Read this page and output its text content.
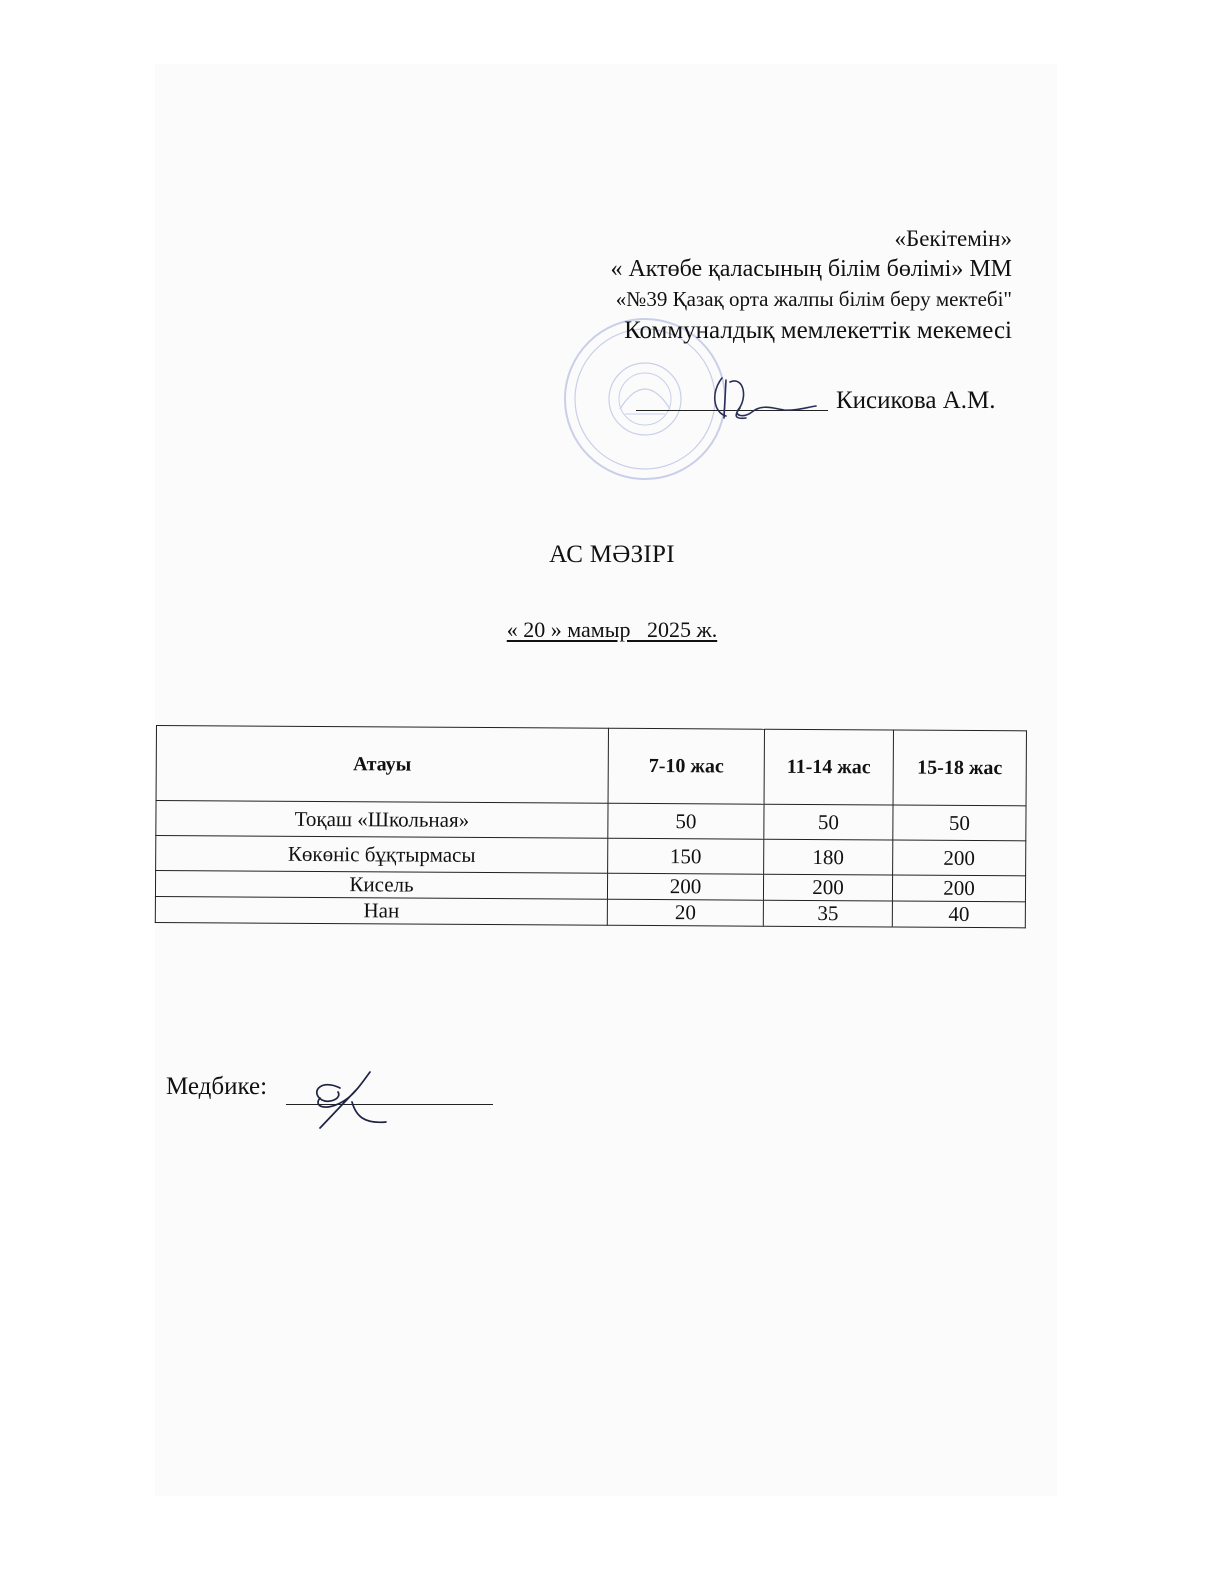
«Бекітемін»
« Актөбе қаласының білім бөлімі» ММ
«№39 Қазақ орта жалпы білім беру мектебі"
Коммуналдық мемлекеттік мекемесі
Кисикова А.М.
АС МӘЗІРІ
« 20 » мамыр   2025 ж.
Атауы	7-10 жас	11-14 жас	15-18 жас
Тоқаш «Школьная»	50	50	50
Көкөніс бұқтырмасы	150	180	200
Кисель	200	200	200
Нан	20	35	40
Медбике:
